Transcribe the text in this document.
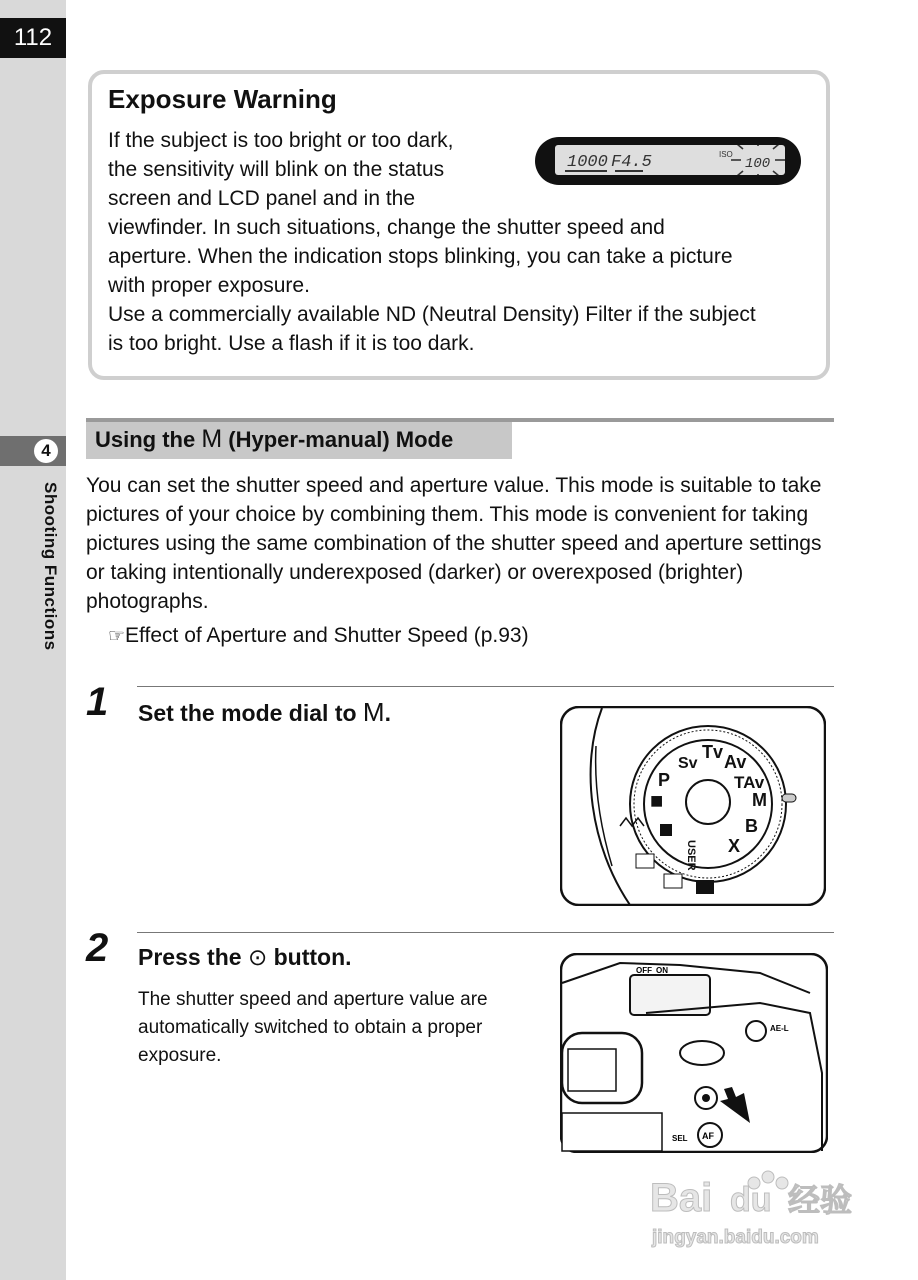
112
4
Shooting Functions
Exposure Warning

If the subject is too bright or too dark,

the sensitivity will blink on the status

screen and LCD panel and in the

viewfinder. In such situations, change the shutter speed and

aperture. When the indication stops blinking, you can take a picture

with proper exposure.

Use a commercially available ND (Neutral Density) Filter if the subject

is too bright. Use a flash if it is too dark.

1000 F4.5	ISO
100
Using the M (Hyper-manual) Mode

You can set the shutter speed and aperture value. This mode is suitable to take pictures of your choice by combining them. This mode is convenient for taking pictures using the same combination of the shutter speed and aperture settings or taking intentionally underexposed (darker) or overexposed (brighter) photographs.

☞Effect of Aperture and Shutter Speed (p.93)
1 Set the mode dial to M.
P
Sv
Tv Av
TAv
M
B
X
USER
■
2 Press the ⊙ button.

The shutter speed and aperture value are automatically switched to obtain a proper exposure.

OFF ON
AE-L
AF
SEL
Bai du 经验
jingyan.baidu.com
